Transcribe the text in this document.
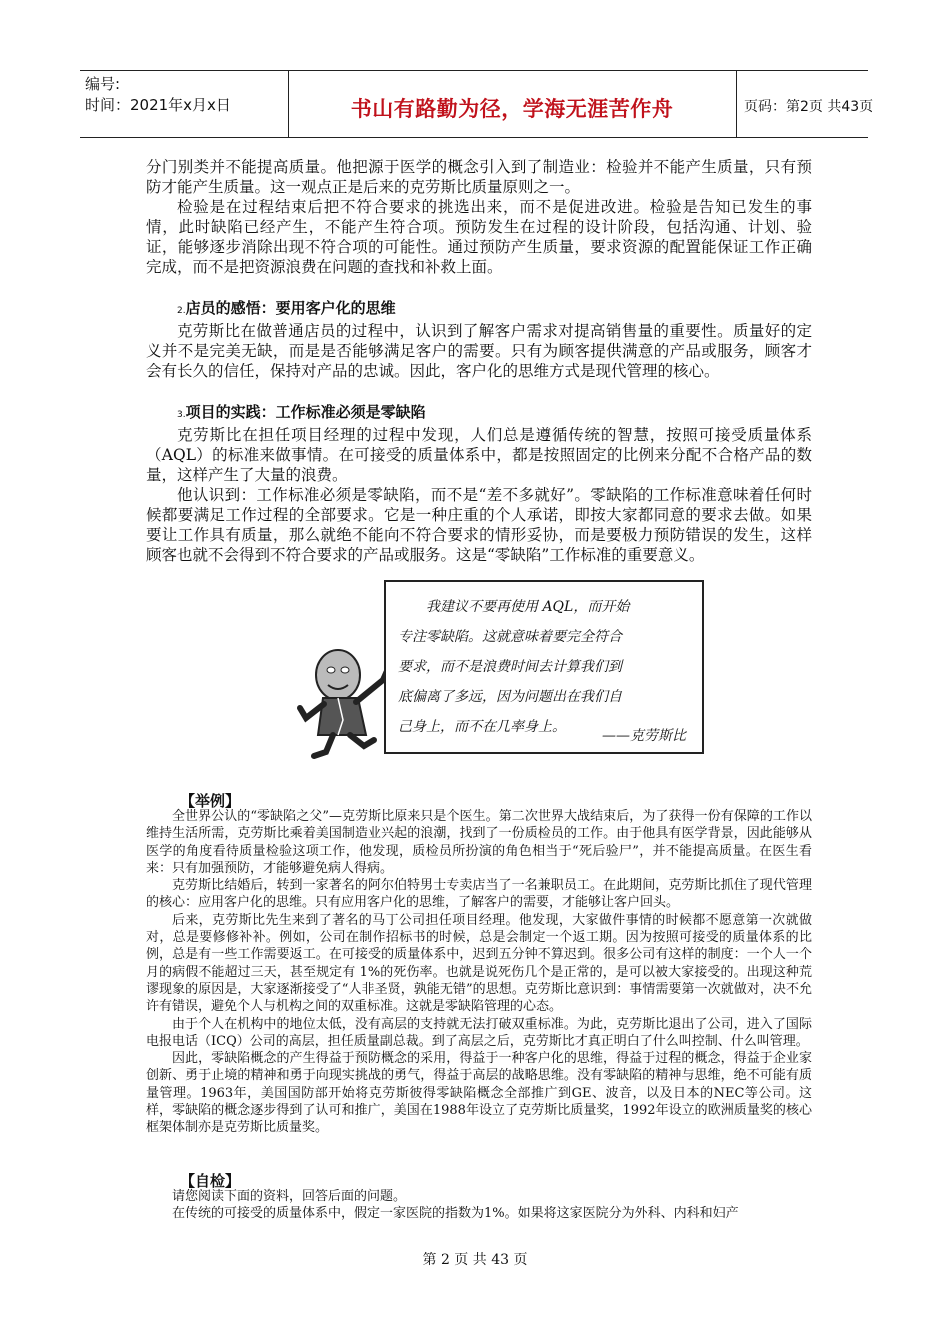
编号:
时间：2021年x月x日	书山有路勤为径，学海无涯苦作舟	页码：第2页 共43页

分门别类并不能提高质量。他把源于医学的概念引入到了制造业：检验并不能产生质量，只有预防才能产生质量。这一观点正是后来的克劳斯比质量原则之一。

检验是在过程结束后把不符合要求的挑选出来，而不是促进改进。检验是告知已发生的事情，此时缺陷已经产生，不能产生符合项。预防发生在过程的设计阶段，包括沟通、计划、验证，能够逐步消除出现不符合项的可能性。通过预防产生质量，要求资源的配置能保证工作正确完成，而不是把资源浪费在问题的查找和补救上面。

2.店员的感悟：要用客户化的思维

克劳斯比在做普通店员的过程中，认识到了解客户需求对提高销售量的重要性。质量好的定义并不是完美无缺，而是是否能够满足客户的需要。只有为顾客提供满意的产品或服务，顾客才会有长久的信任，保持对产品的忠诚。因此，客户化的思维方式是现代管理的核心。

3.项目的实践：工作标准必须是零缺陷

克劳斯比在担任项目经理的过程中发现，人们总是遵循传统的智慧，按照可接受质量体系（AQL）的标准来做事情。在可接受的质量体系中，都是按照固定的比例来分配不合格产品的数量，这样产生了大量的浪费。

他认识到：工作标准必须是零缺陷，而不是“差不多就好”。零缺陷的工作标准意味着任何时候都要满足工作过程的全部要求。它是一种庄重的个人承诺，即按大家都同意的要求去做。如果要让工作具有质量，那么就绝不能向不符合要求的情形妥协，而是要极力预防错误的发生，这样顾客也就不会得到不符合要求的产品或服务。这是“零缺陷”工作标准的重要意义。

我建议不要再使用 AQL，而开始

专注零缺陷。这就意味着要完全符合

要求，而不是浪费时间去计算我们到

底偏离了多远，因为问题出在我们自

己身上，而不在几率身上。

——克劳斯比
【举例】

全世界公认的“零缺陷之父”—克劳斯比原来只是个医生。第二次世界大战结束后，为了获得一份有保障的工作以维持生活所需，克劳斯比乘着美国制造业兴起的浪潮，找到了一份质检员的工作。由于他具有医学背景，因此能够从医学的角度看待质量检验这项工作，他发现，质检员所扮演的角色相当于“死后验尸”，并不能提高质量。在医生看来：只有加强预防，才能够避免病人得病。

克劳斯比结婚后，转到一家著名的阿尔伯特男士专卖店当了一名兼职员工。在此期间，克劳斯比抓住了现代管理的核心：应用客户化的思维。只有应用客户化的思维，了解客户的需要，才能够让客户回头。

后来，克劳斯比先生来到了著名的马丁公司担任项目经理。他发现，大家做件事情的时候都不愿意第一次就做对，总是要修修补补。例如，公司在制作招标书的时候，总是会制定一个返工期。因为按照可接受的质量体系的比例，总是有一些工作需要返工。在可接受的质量体系中，迟到五分钟不算迟到。很多公司有这样的制度：一个人一个月的病假不能超过三天，甚至规定有 1%的死伤率。也就是说死伤几个是正常的，是可以被大家接受的。出现这种荒谬现象的原因是，大家逐渐接受了“人非圣贤，孰能无错”的思想。克劳斯比意识到：事情需要第一次就做对，决不允许有错误，避免个人与机构之间的双重标准。这就是零缺陷管理的心态。

由于个人在机构中的地位太低，没有高层的支持就无法打破双重标准。为此，克劳斯比退出了公司，进入了国际电报电话（ICQ）公司的高层，担任质量副总裁。到了高层之后，克劳斯比才真正明白了什么叫控制、什么叫管理。

因此，零缺陷概念的产生得益于预防概念的采用，得益于一种客户化的思维，得益于过程的概念，得益于企业家创新、勇于止境的精神和勇于向现实挑战的勇气，得益于高层的战略思维。没有零缺陷的精神与思维，绝不可能有质量管理。1963年，美国国防部开始将克劳斯彼得零缺陷概念全部推广到GE、波音，以及日本的NEC等公司。这样，零缺陷的概念逐步得到了认可和推广，美国在1988年设立了克劳斯比质量奖，1992年设立的欧洲质量奖的核心框架体制亦是克劳斯比质量奖。

【自检】

请您阅读下面的资料，回答后面的问题。

在传统的可接受的质量体系中，假定一家医院的指数为1%。如果将这家医院分为外科、内科和妇产

第 2 页 共 43 页
